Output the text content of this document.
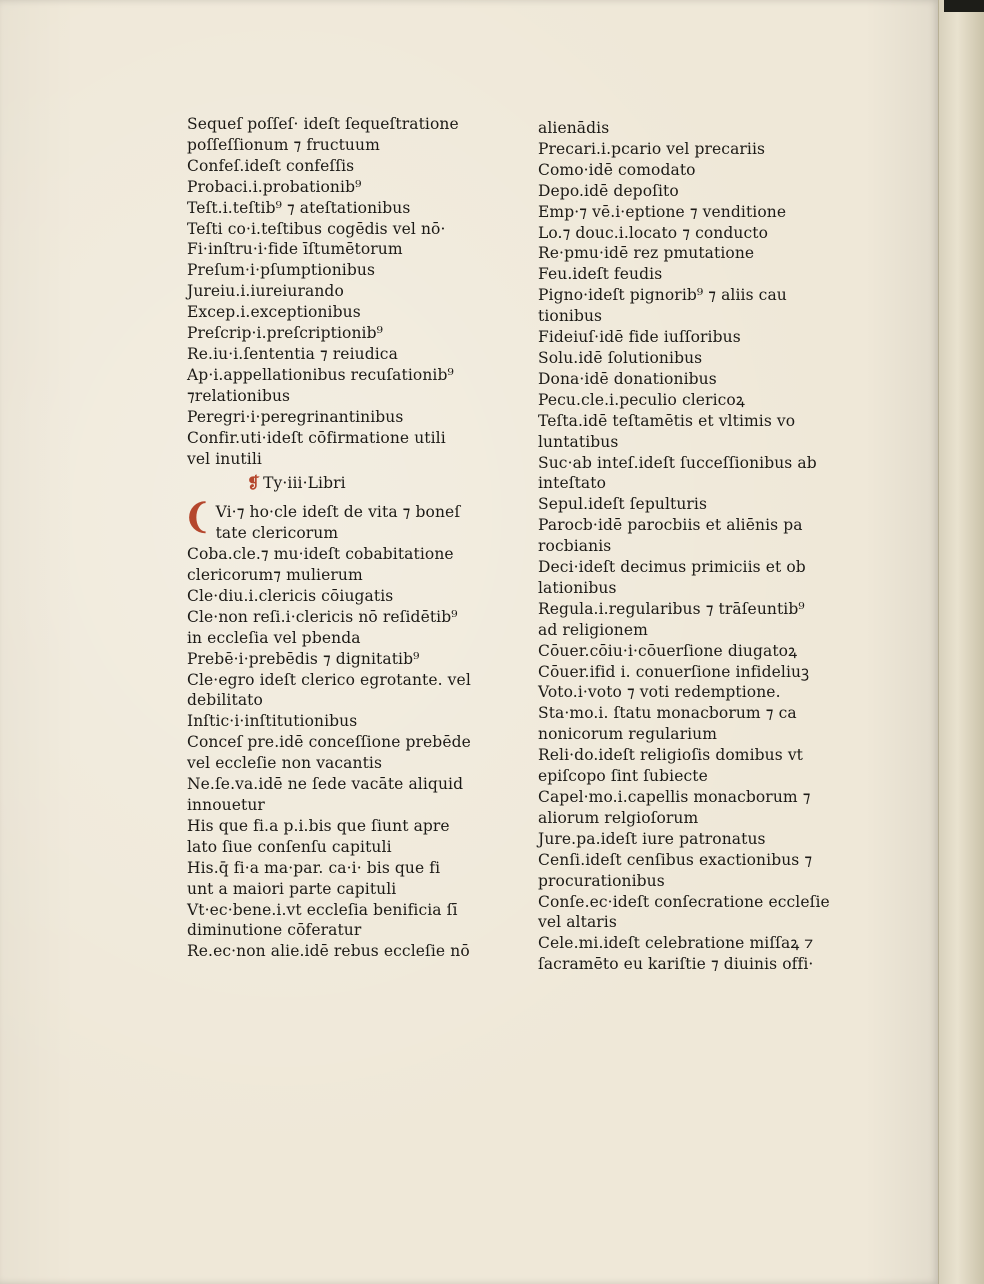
Sequeſ poſſeſ· ideſt ſequeſtratione
poſſeſſionum ⁊ fructuum
Confeſ.ideſt confeſſis
Probaci.i.probationib⁹
Teſt.i.teſtib⁹ ⁊ ateſtationibus
Teſti co·i.teſtibus cogēdis vel nō·
Fi·inſtru·i·fide īſtumētorum
Preſum·i·pſumptionibus
Jureiu.i.iureiurando
Excep.i.exceptionibus
Preſcrip·i.preſcriptionib⁹
Re.iu·i.ſententia ⁊ reiudica
Ap·i.appellationibus recuſationib⁹
⁊relationibus
Peregri·i·peregrinantinibus
Confir.uti·ideſt cōfirmatione utili
vel inutili
❡ Ty·iii·Libri
❨ Vi·⁊ ho·cle ideſt de vita ⁊ boneſ
tate clericorum
Coba.cle.⁊ mu·ideſt cobabitatione
clericorum⁊ mulierum
Cle·diu.i.clericis cōiugatis
Cle·non reſi.i·clericis nō reſidētib⁹
in eccleſia vel pbenda
Prebē·i·prebēdis ⁊ dignitatib⁹
Cle·egro ideſt clerico egrotante. vel
debilitato
Inſtic·i·inſtitutionibus
Conceſ pre.idē conceſſione prebēde
vel eccleſie non vacantis
Ne.ſe.va.idē ne ſede vacāte aliquid
innouetur
His que fi.a p.i.bis que ſiunt apre
lato ſiue conſenſu capituli
His.q̄ fi·a ma·par. ca·i· bis que fi
unt a maiori parte capituli
Vt·ec·bene.i.vt eccleſia benificia ſī
diminutione cōferatur
Re.ec·non alie.idē rebus eccleſie nō
alienādis
Precari.i.pcario vel precariis
Como·idē comodato
Depo.idē depoſito
Emp·⁊ vē.i·eptione ⁊ venditione
Lo.⁊ douc.i.locato ⁊ conducto
Re·pmu·idē rez pmutatione
Feu.ideſt feudis
Pigno·ideſt pignorib⁹ ⁊ aliis cau
tionibus
Fideiuſ·idē fide iuſſoribus
Solu.idē ſolutionibus
Dona·idē donationibus
Pecu.cle.i.peculio clericoꝝ
Teſta.idē teſtamētis et vltimis vo
luntatibus
Suc·ab inteſ.ideſt ſucceſſionibus ab
inteſtato
Sepul.ideſt ſepulturis
Parocb·idē parocbiis et aliēnis pa
rocbianis
Deci·ideſt decimus primiciis et ob
lationibus
Regula.i.regularibus ⁊ trāſeuntib⁹
ad religionem
Cōuer.cōiu·i·cōuerſione diugatoꝝ
Cōuer.ifid i. conuerſione infideliuꝫ
Voto.i·voto ⁊ voti redemptione.
Sta·mo.i. ſtatu monacborum ⁊ ca
nonicorum regularium
Reli·do.ideſt religioſis domibus vt
epiſcopo ſint ſubiecte
Capel·mo.i.capellis monacborum ⁊
aliorum relgioſorum
Jure.pa.ideſt iure patronatus
Cenſi.ideſt cenſibus exactionibus ⁊
procurationibus
Conſe.ec·ideſt conſecratione eccleſie
vel altaris
Cele.mi.ideſt celebratione miſſaꝝ ⁊
ſacramēto eu kariſtie ⁊ diuinis offi·
